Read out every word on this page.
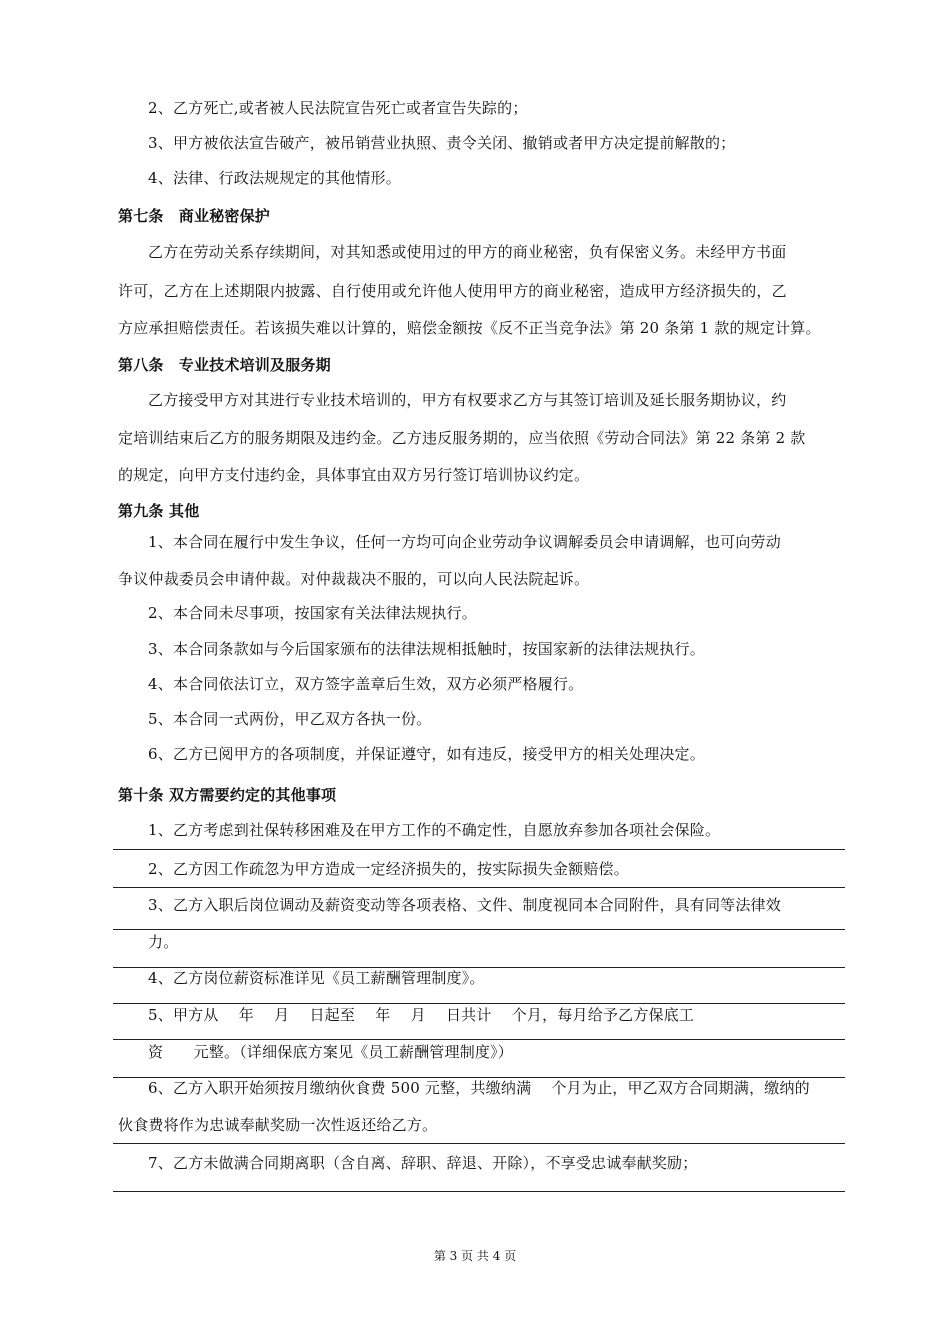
2、乙方死亡,或者被人民法院宣告死亡或者宣告失踪的；
3、甲方被依法宣告破产，被吊销营业执照、责令关闭、撤销或者甲方决定提前解散的；
4、法律、行政法规规定的其他情形。
第七条　商业秘密保护
乙方在劳动关系存续期间，对其知悉或使用过的甲方的商业秘密，负有保密义务。未经甲方书面
许可，乙方在上述期限内披露、自行使用或允许他人使用甲方的商业秘密，造成甲方经济损失的，乙
方应承担赔偿责任。若该损失难以计算的，赔偿金额按《反不正当竞争法》第 20 条第 1 款的规定计算。
第八条　专业技术培训及服务期
乙方接受甲方对其进行专业技术培训的，甲方有权要求乙方与其签订培训及延长服务期协议，约
定培训结束后乙方的服务期限及违约金。乙方违反服务期的，应当依照《劳动合同法》第 22 条第 2 款
的规定，向甲方支付违约金，具体事宜由双方另行签订培训协议约定。
第九条 其他
1、本合同在履行中发生争议，任何一方均可向企业劳动争议调解委员会申请调解，也可向劳动
争议仲裁委员会申请仲裁。对仲裁裁决不服的，可以向人民法院起诉。
2、本合同未尽事项，按国家有关法律法规执行。
3、本合同条款如与今后国家颁布的法律法规相抵触时，按国家新的法律法规执行。
4、本合同依法订立，双方签字盖章后生效，双方必须严格履行。
5、本合同一式两份，甲乙双方各执一份。
6、乙方已阅甲方的各项制度，并保证遵守，如有违反，接受甲方的相关处理决定。
第十条 双方需要约定的其他事项
1、乙方考虑到社保转移困难及在甲方工作的不确定性，自愿放弃参加各项社会保险。
2、乙方因工作疏忽为甲方造成一定经济损失的，按实际损失金额赔偿。
3、乙方入职后岗位调动及薪资变动等各项表格、文件、制度视同本合同附件，具有同等法律效
力。
4、乙方岗位薪资标准详见《员工薪酬管理制度》。
5、甲方从　 年　 月　 日起至　 年　 月　 日共计　 个月，每月给予乙方保底工
资　　元整。（详细保底方案见《员工薪酬管理制度》）
6、乙方入职开始须按月缴纳伙食费 500 元整，共缴纳满　 个月为止，甲乙双方合同期满，缴纳的
伙食费将作为忠诚奉献奖励一次性返还给乙方。
7、乙方未做满合同期离职（含自离、辞职、辞退、开除），不享受忠诚奉献奖励；
第 3 页 共 4 页
